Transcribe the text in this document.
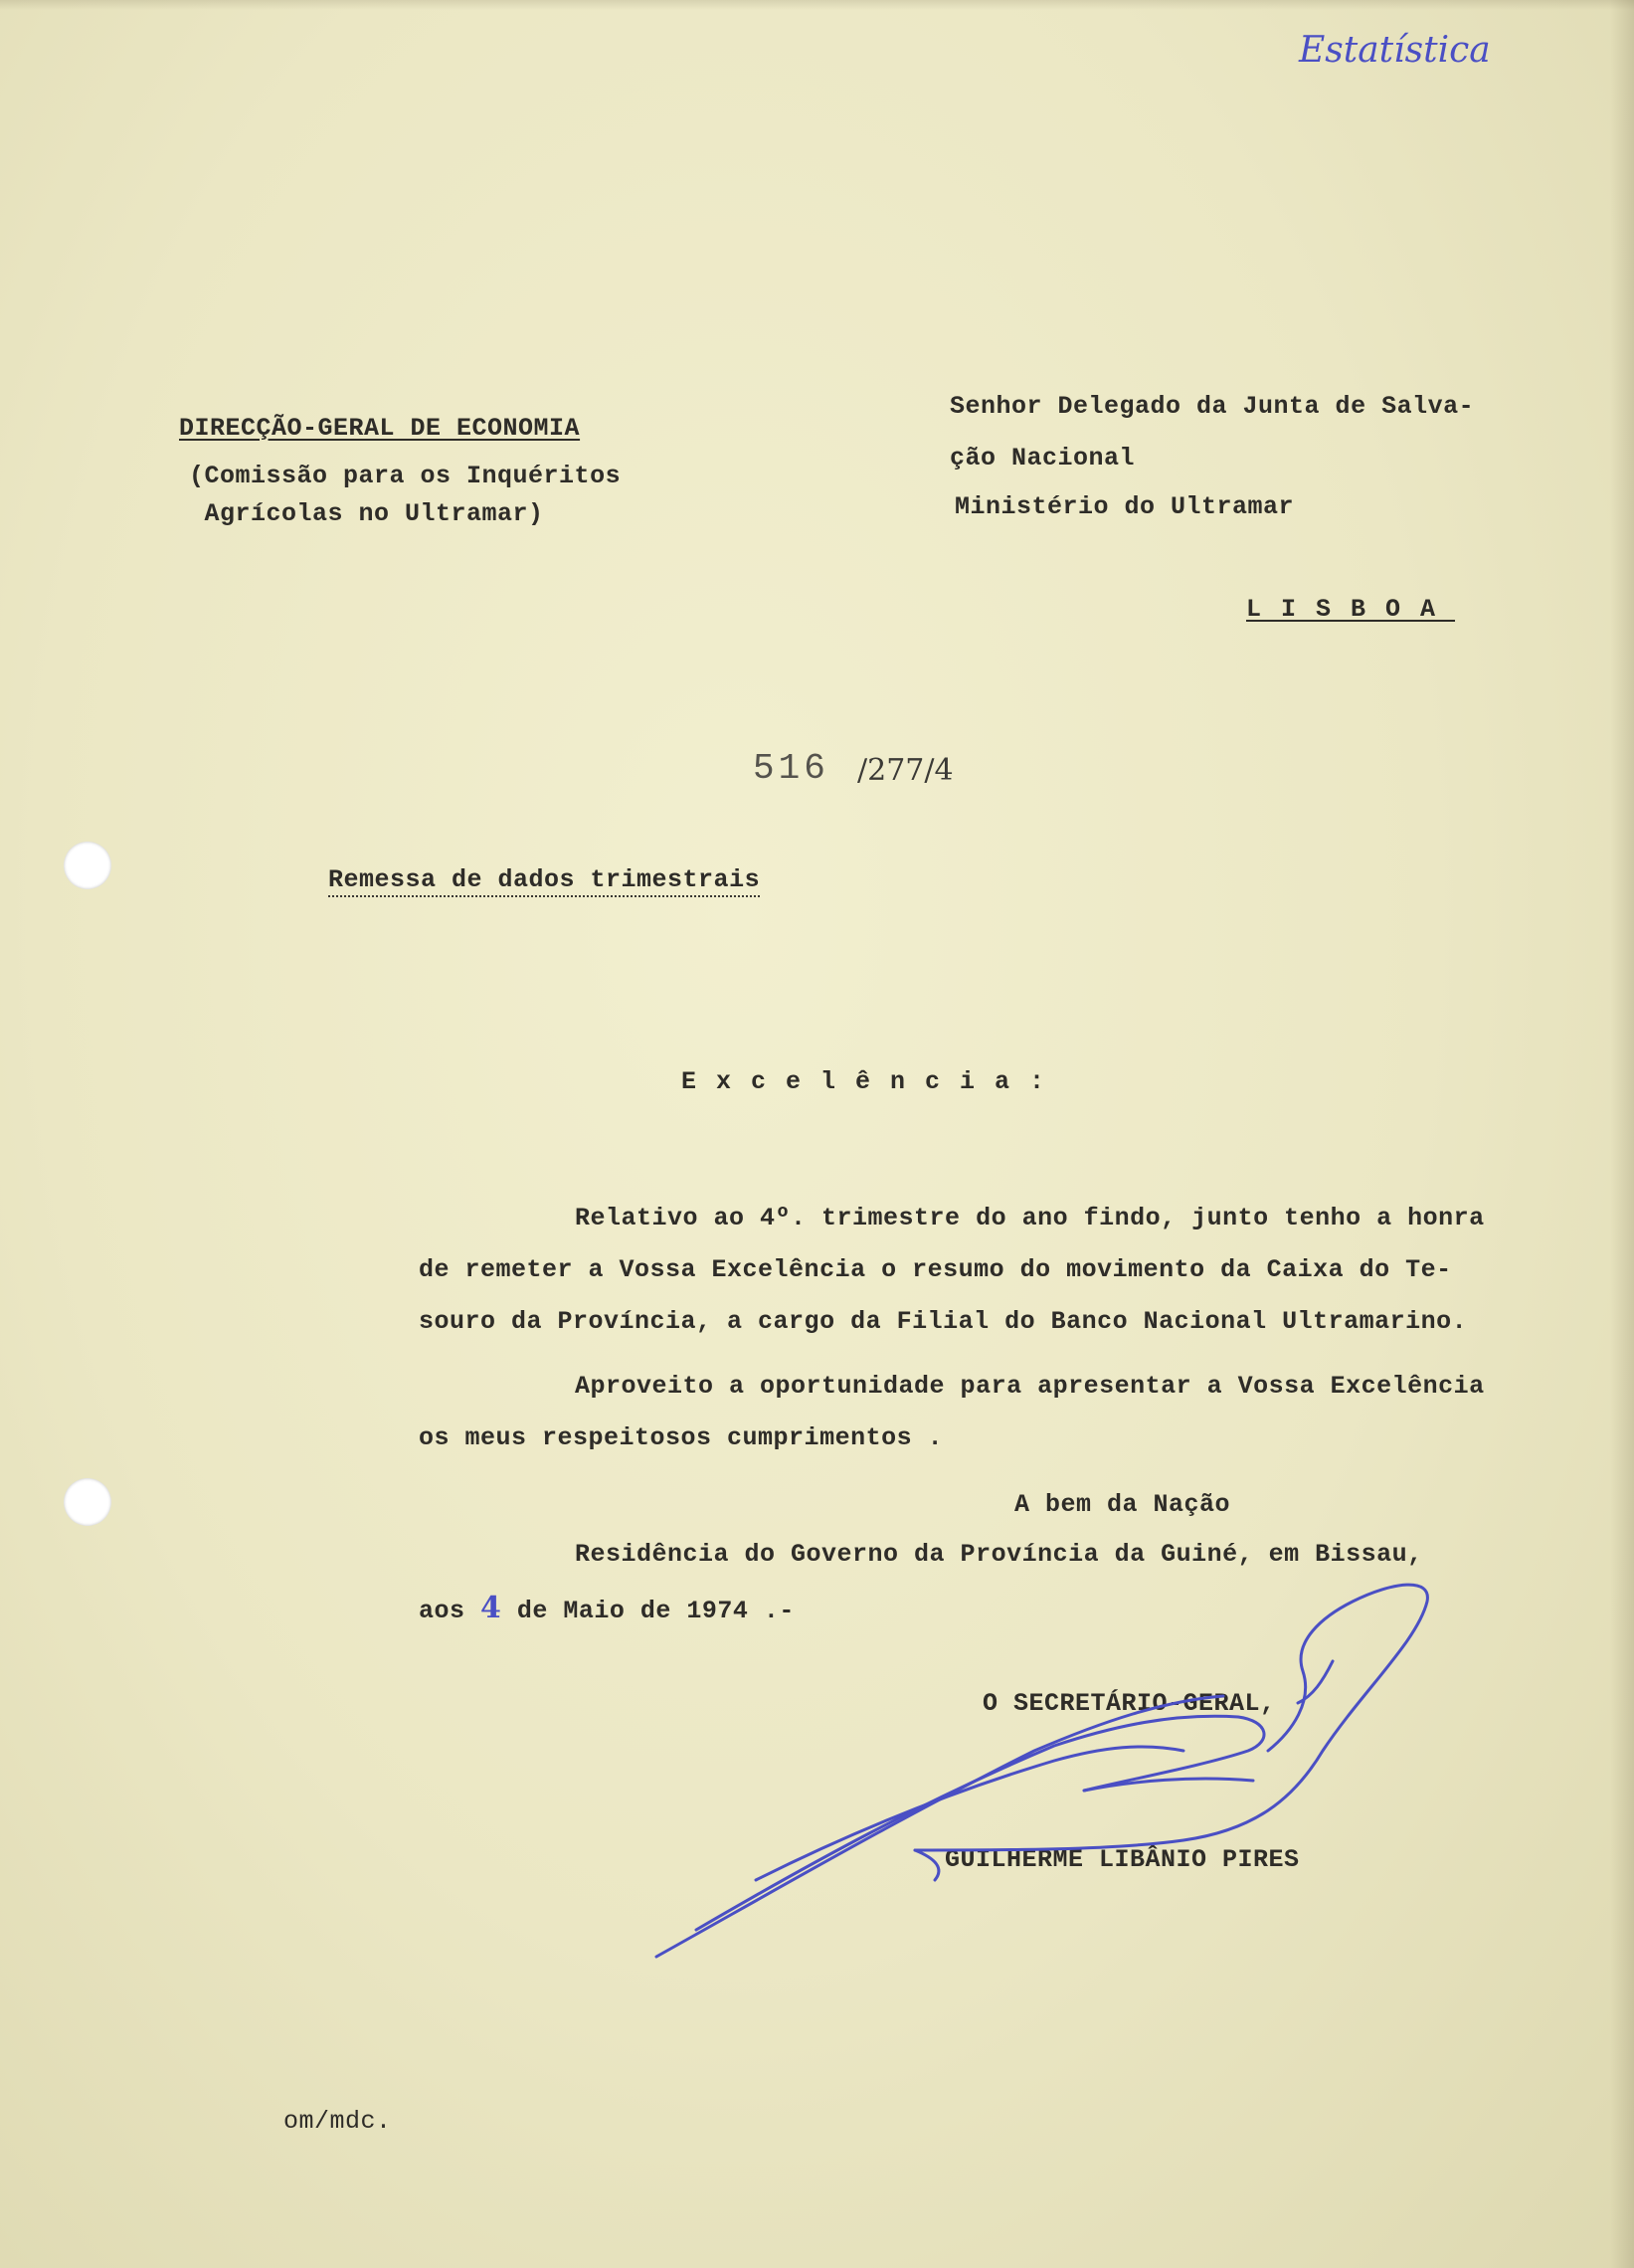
Estatística
DIRECÇÃO-GERAL DE ECONOMIA
(Comissão para os Inquéritos
Agrícolas no Ultramar)
Senhor Delegado da Junta de Salva-
ção Nacional
Ministério do Ultramar
LISBOA
516 /277/4
Remessa de dados trimestrais
Excelência:
Relativo ao 4º. trimestre do ano findo, junto tenho a honra
de remeter a Vossa Excelência o resumo do movimento da Caixa do Te-
souro da Província, a cargo da Filial do Banco Nacional Ultramarino.
Aproveito a oportunidade para apresentar a Vossa Excelência
os meus respeitosos cumprimentos .
A bem da Nação
Residência do Governo da Província da Guiné, em Bissau,
aos 4 de Maio de 1974 .-
O SECRETÁRIO-GERAL,
GUILHERME LIBÂNIO PIRES
om/mdc.
